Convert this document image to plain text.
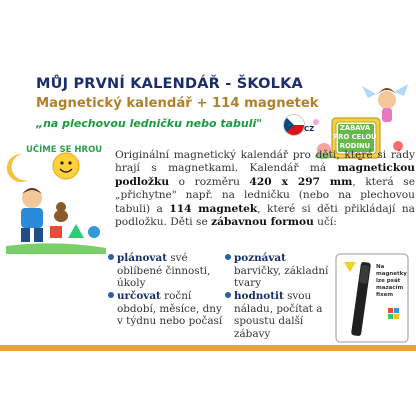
MŮJ PRVNÍ KALENDÁŘ - ŠKOLKA
Magnetický kalendář + 114 magnetek
„na plechovou ledničku nebo tabuli"	CZ	ZÁBAVA
PRO CELOU
RODINU
UČÍME SE HROU Originální magnetický kalendář pro děti, které si rády hrají s magnetkami. Kalendář má magnetickou podložku o rozměru 420 x 297 mm, která se „přichytne" např. na ledničku (nebo na plechovou tabuli) a 114 magnetek, které si děti přikládají na podložku. Děti se zábavnou formou učí:
plánovat své oblíbené činnosti, úkoly
určovat roční období, měsíce, dny v týdnu nebo počasí
poznávat barvičky, základní tvary
hodnotit svou náladu, počítat a spoustu další zábavy
Na
magnetky
lze psát
mazacím
fixem
